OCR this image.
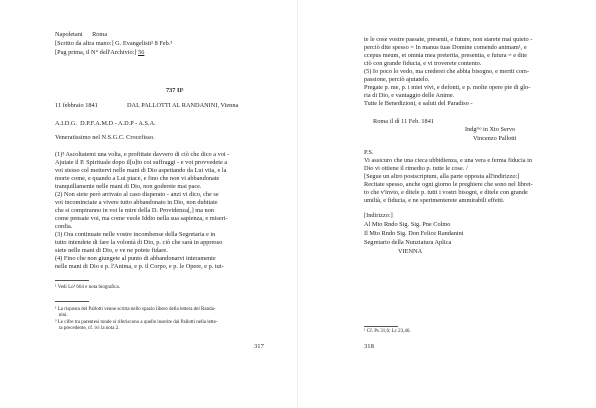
Napoletani      Roma
[Scritto da altra mano:] G. Evangelisti² 8 Feb.³
[Pag prima, il N° dell'Archivio:] 56
737 II¹
11 febbraio 1841	DAL PALLOTTI AL RANDANINI, Vienna
A.I.D.G.  D.P.F.A.M.D - A.D.P - A.S.A.
Veneratissimo nel N.S.G.C. Crocefisso.
(1)³ Ascoltatemi una volta, e profittate davvero di ciò che dico a voi -
Ajutate il P. Spirituale dopo il[u]to coi suffraggi - e voi provvedete a
voi stesso col mettervi nelle mani di Dio aspettando da Lui vita, e la
morte come, e quando a Lui piace, e fino che non vi abbandonate
tranquillamente nelle mani di Dio, non goderete mai pace.
(2) Non siete però arrivato al caso disperato - anzi vi dico, che se
voi incominciate a vivere tutto abbandonato in Dio, non dubitate
che si compiranno in voi le mire della D. Providenza[,] ma non
come pensate voi, ma come vuole Iddio nella sua sapienza, e miseri-
cordia.
(3) Ora continuate nelle vostre incombense della Segretaria e in
tutto intendete di fare la volontà di Dio, p. ciò che sarà in appresso
siete nelle mani di Dio, e ve ne potete fidare.
(4) Fino che non giungete al punto di abbandonarvi interamente
nelle mani di Dio e p. l'Anima, e p. il Corpo, e p. le Opere, e p. tut-
¹ Vedi Lo² 664 e nota biografica.
¹ La risposta del Pallotti venne scritta nello spazio libero della lettera del Randa-
nini.
² Le cifre tra parentesi tonde si riferiscono a quelle inserite dal Pallotti nella lette-
ra precedente, cf. ivi la nota 2.
317
te le cose vostre passate, presenti, e future, non starete mai quieto -
perciò dite spesso = In manus tuas Domine comendo animam¹, e
ccepus meum, et omnia mea preterita, presentia, e futura = e dite
ciò con grande fiducia, e vi troverete contento.
(5) Io poco lo vedo, ma crederei che abbia bisogno, e meriti com-
passione, perciò ajutatelo.
Pregate p. me, p. i miei vivi, e defonti, e p. molte opere pie di glo-
ria di Dio, e vantaggio delle Anime.
Tutte le Benedizioni, e saluti del Paradiso -
Roma il dì 11 Feb. 1841
Indgᵐᵒ in Xto Servo
Vincenzo Pallotti
P.S.
Vi assicuro che una cieca ubbidienza, e una vera e ferma fiducia in
Dio vi ottiene il rimedio p. tutte le cose. /
[Segue un altro postscriptum, alla parte opposta all'indirizzo:]
Recitate spesso, anche ogni giorno le preghiere che sono nel libret-
to che v'invio, e ditele p. tutti i vostri bisogni, e ditele con grande
umiltà, e fiducia, e ne sperimenterete ammirabili effetti.
[Indirizzo:]
Al Mto Rndo Sig. Sig. Pne Colmo
Il Mto Rndo Sig. Don Felice Randanini
Segretario della Nunziatura Aplica
VIENNA
¹ Cf. Ps 31,6; Lc 23,46.
318
